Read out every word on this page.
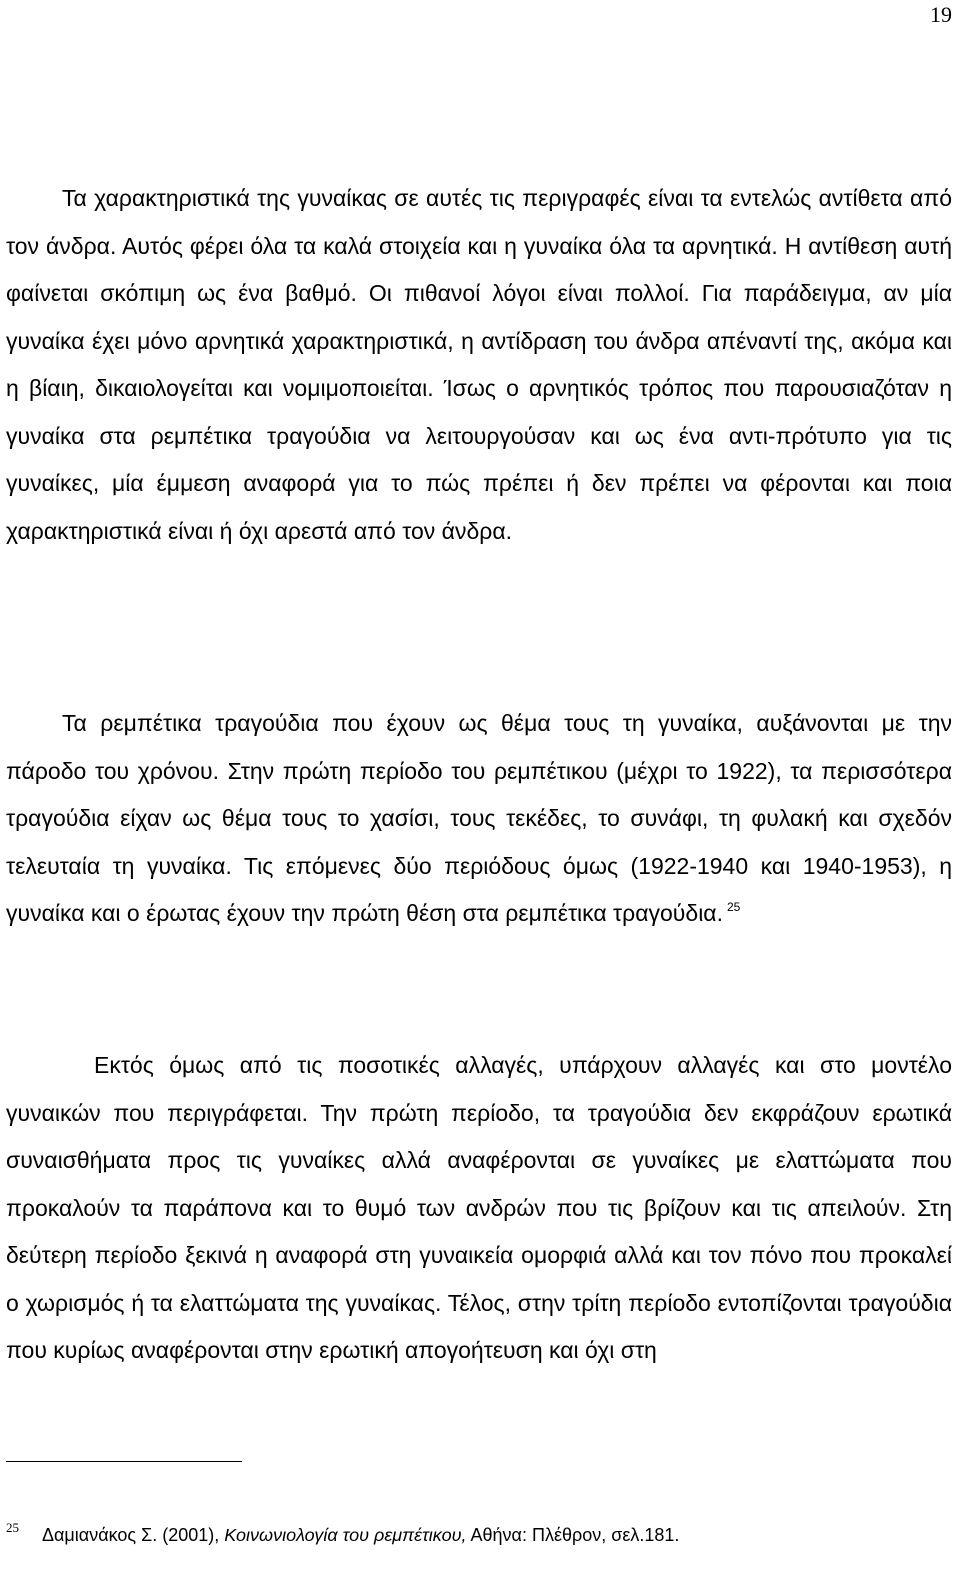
19

Τα χαρακτηριστικά της γυναίκας σε αυτές τις περιγραφές είναι τα εντελώς αντίθετα από τον άνδρα. Αυτός φέρει όλα τα καλά στοιχεία και η γυναίκα όλα τα αρνητικά. Η αντίθεση αυτή φαίνεται σκόπιμη ως ένα βαθμό. Οι πιθανοί λόγοι είναι πολλοί. Για παράδειγμα, αν μία γυναίκα έχει μόνο αρνητικά χαρακτηριστικά, η αντίδραση του άνδρα απέναντί της, ακόμα και η βίαιη, δικαιολογείται και νομιμοποιείται. Ίσως ο αρνητικός τρόπος που παρουσιαζόταν η γυναίκα στα ρεμπέτικα τραγούδια να λειτουργούσαν και ως ένα αντι-πρότυπο για τις γυναίκες, μία έμμεση αναφορά για το πώς πρέπει ή δεν πρέπει να φέρονται και ποια χαρακτηριστικά είναι ή όχι αρεστά από τον άνδρα.

Τα ρεμπέτικα τραγούδια που έχουν ως θέμα τους τη γυναίκα, αυξάνονται με την πάροδο του χρόνου. Στην πρώτη περίοδο του ρεμπέτικου (μέχρι το 1922), τα περισσότερα τραγούδια είχαν ως θέμα τους το χασίσι, τους τεκέδες, το συνάφι, τη φυλακή και σχεδόν τελευταία τη γυναίκα. Τις επόμενες δύο περιόδους όμως (1922-1940 και 1940-1953), η γυναίκα και ο έρωτας έχουν την πρώτη θέση στα ρεμπέτικα τραγούδια. $^{25}$

Εκτός όμως από τις ποσοτικές αλλαγές, υπάρχουν αλλαγές και στο μοντέλο γυναικών που περιγράφεται. Την πρώτη περίοδο, τα τραγούδια δεν εκφράζουν ερωτικά συναισθήματα προς τις γυναίκες αλλά αναφέρονται σε γυναίκες με ελαττώματα που προκαλούν τα παράπονα και το θυμό των ανδρών που τις βρίζουν και τις απειλούν. Στη δεύτερη περίοδο ξεκινά η αναφορά στη γυναικεία ομορφιά αλλά και τον πόνο που προκαλεί ο χωρισμός ή τα ελαττώματα της γυναίκας. Τέλος, στην τρίτη περίοδο εντοπίζονται τραγούδια που κυρίως αναφέρονται στην ερωτική απογοήτευση και όχι στη

25 Δαμιανάκος Σ. (2001), Κοινωνιολογία του ρεμπέτικου, Αθήνα: Πλέθρον, σελ.181.
